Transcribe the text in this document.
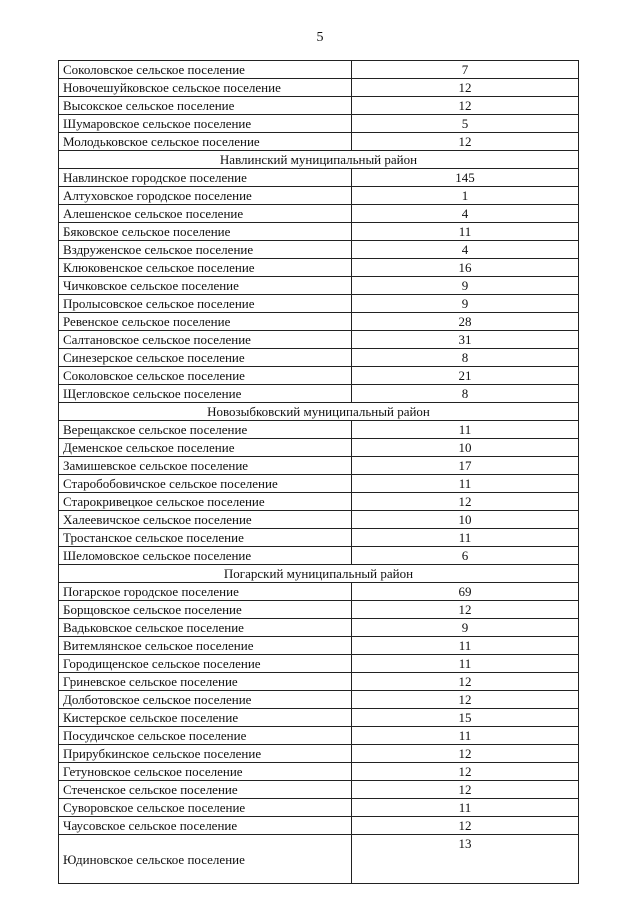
5
Соколовское сельское поселение	7
Новочешуйковское сельское поселение	12
Высокское сельское поселение	12
Шумаровское сельское поселение	5
Молодьковское сельское поселение	12
Навлинский муниципальный район	
Навлинское городское поселение	145
Алтуховское городское поселение	1
Алешенское сельское поселение	4
Бяковское сельское поселение	11
Вздруженское сельское поселение	4
Клюковенское сельское поселение	16
Чичковское сельское поселение	9
Пролысовское сельское поселение	9
Ревенское сельское поселение	28
Салтановское сельское поселение	31
Синезерское сельское поселение	8
Соколовское сельское поселение	21
Щегловское сельское поселение	8
Новозыбковский муниципальный район	
Верещакское сельское поселение	11
Деменское сельское поселение	10
Замишевское сельское поселение	17
Старобобовичское сельское поселение	11
Старокривецкое сельское поселение	12
Халеевичское сельское поселение	10
Тростанское сельское поселение	11
Шеломовское сельское поселение	6
Погарский муниципальный район	
Погарское городское поселение	69
Борщовское сельское поселение	12
Вадьковское сельское поселение	9
Витемлянское сельское поселение	11
Городищенское сельское поселение	11
Гриневское сельское поселение	12
Долботовское сельское поселение	12
Кистерское сельское поселение	15
Посудичское сельское поселение	11
Прирубкинское сельское поселение	12
Гетуновское сельское поселение	12
Стеченское сельское поселение	12
Суворовское сельское поселение	11
Чаусовское сельское поселение	12
Юдиновское сельское поселение	13
